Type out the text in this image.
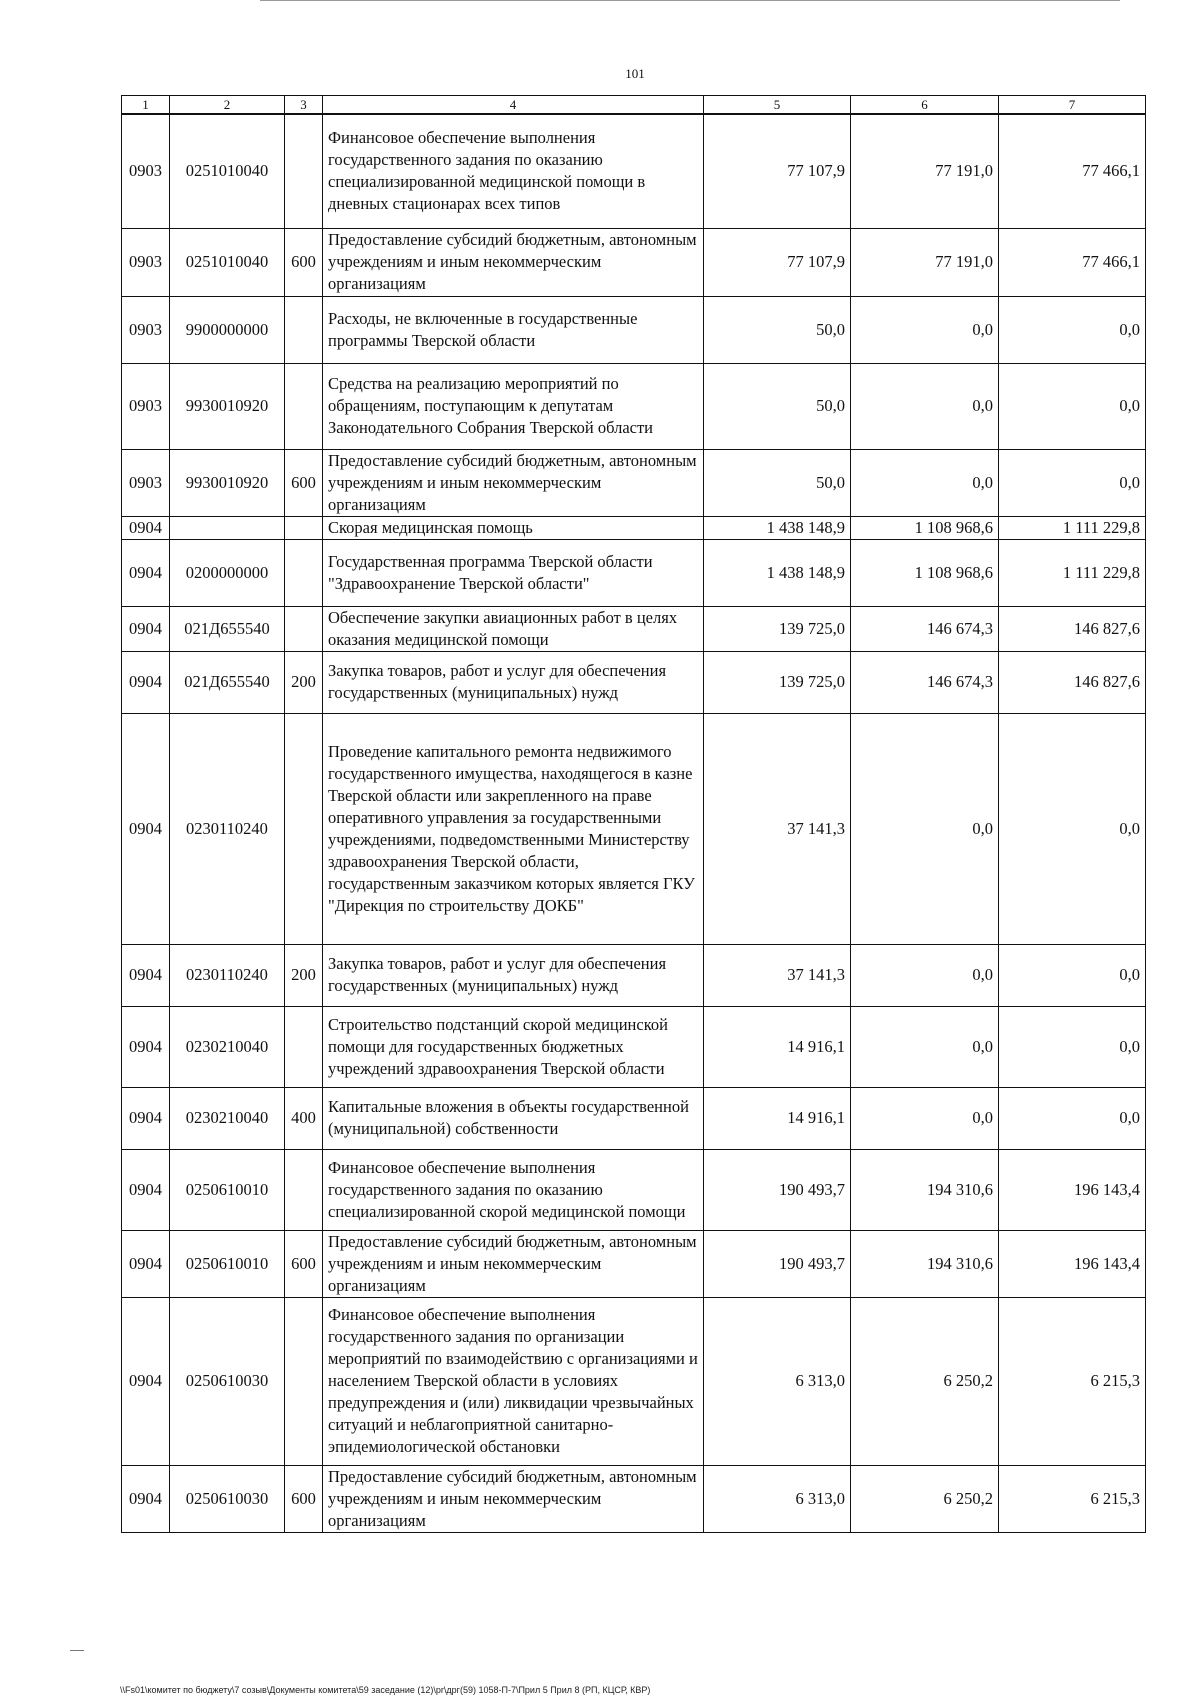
101
1	2	3	4	5	6	7
0903	0251010040		Финансовое обеспечение выполнения государственного задания по оказанию специализированной медицинской помощи в дневных стационарах всех типов	77 107,9	77 191,0	77 466,1
0903	0251010040	600	Предоставление субсидий бюджетным, автономным учреждениям и иным некоммерческим организациям	77 107,9	77 191,0	77 466,1
0903	9900000000		Расходы, не включенные в государственные программы Тверской области	50,0	0,0	0,0
0903	9930010920		Средства на реализацию мероприятий по обращениям, поступающим к депутатам Законодательного Собрания Тверской области	50,0	0,0	0,0
0903	9930010920	600	Предоставление субсидий бюджетным, автономным учреждениям и иным некоммерческим организациям	50,0	0,0	0,0
0904			Скорая медицинская помощь	1 438 148,9	1 108 968,6	1 111 229,8
0904	0200000000		Государственная программа Тверской области "Здравоохранение Тверской области"	1 438 148,9	1 108 968,6	1 111 229,8
0904	021Д655540		Обеспечение закупки авиационных работ в целях оказания медицинской помощи	139 725,0	146 674,3	146 827,6
0904	021Д655540	200	Закупка товаров, работ и услуг для обеспечения государственных (муниципальных) нужд	139 725,0	146 674,3	146 827,6
0904	0230110240		Проведение капитального ремонта недвижимого государственного имущества, находящегося в казне Тверской области или закрепленного на праве оперативного управления за государственными учреждениями, подведомственными Министерству здравоохранения Тверской области, государственным заказчиком которых является ГКУ "Дирекция по строительству ДОКБ"	37 141,3	0,0	0,0
0904	0230110240	200	Закупка товаров, работ и услуг для обеспечения государственных (муниципальных) нужд	37 141,3	0,0	0,0
0904	0230210040		Строительство подстанций скорой медицинской помощи для государственных бюджетных учреждений здравоохранения Тверской области	14 916,1	0,0	0,0
0904	0230210040	400	Капитальные вложения в объекты государственной (муниципальной) собственности	14 916,1	0,0	0,0
0904	0250610010		Финансовое обеспечение выполнения государственного задания по оказанию специализированной скорой медицинской помощи	190 493,7	194 310,6	196 143,4
0904	0250610010	600	Предоставление субсидий бюджетным, автономным учреждениям и иным некоммерческим организациям	190 493,7	194 310,6	196 143,4
0904	0250610030		Финансовое обеспечение выполнения государственного задания по организации мероприятий по взаимодействию с организациями и населением Тверской области в условиях предупреждения и (или) ликвидации чрезвычайных ситуаций и неблагоприятной санитарно-эпидемиологической обстановки	6 313,0	6 250,2	6 215,3
0904	0250610030	600	Предоставление субсидий бюджетным, автономным учреждениям и иным некоммерческим организациям	6 313,0	6 250,2	6 215,3
\\Fs01\комитет по бюджету\7 созыв\Документы комитета\59 заседание (12)\pr\дрг(59) 1058-П-7\Прил 5 Прил 8 (РП, КЦСР, КВР)
